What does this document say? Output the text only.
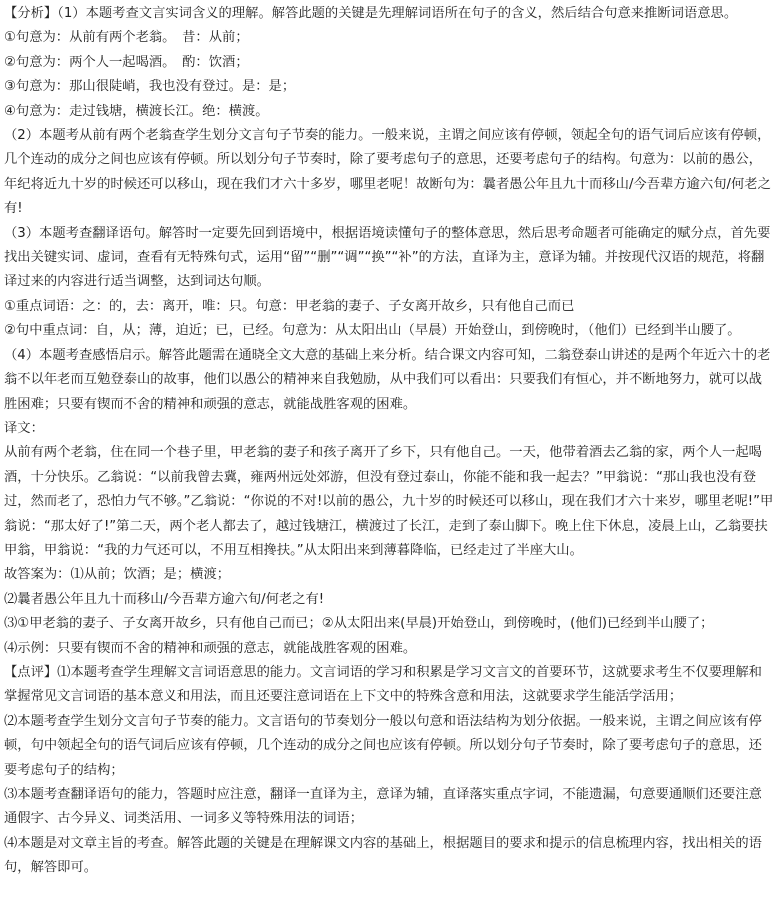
【分析】（1）本题考查文言实词含义的理解。解答此题的关键是先理解词语所在句子的含义，然后结合句意来推断词语意思。

①句意为：从前有两个老翁。　昔：从前；

②句意为：两个人一起喝酒。　酌：饮酒；

③句意为：那山很陡峭，我也没有登过。是：是；

④句意为：走过钱塘，横渡长江。绝：横渡。

（2）本题考从前有两个老翁查学生划分文言句子节奏的能力。一般来说，主谓之间应该有停顿，领起全句的语气词后应该有停顿，几个连动的成分之间也应该有停顿。所以划分句子节奏时，除了要考虑句子的意思，还要考虑句子的结构。句意为：以前的愚公，年纪将近九十岁的时候还可以移山，现在我们才六十多岁，哪里老呢！故断句为：曩者愚公年且九十而移山/今吾辈方逾六旬/何老之有!

（3）本题考查翻译语句。解答时一定要先回到语境中，根据语境读懂句子的整体意思，然后思考命题者可能确定的赋分点，首先要找出关键实词、虚词，查看有无特殊句式，运用“留”“删”“调”“换”“补”的方法，直译为主，意译为辅。并按现代汉语的规范，将翻译过来的内容进行适当调整，达到词达句顺。

①重点词语：之：的，去：离开，唯：只。句意：甲老翁的妻子、子女离开故乡，只有他自己而已

②句中重点词：自，从；薄，迫近；已，已经。句意为：从太阳出山（早晨）开始登山，到傍晚时，（他们）已经到半山腰了。

（4）本题考查感悟启示。解答此题需在通晓全文大意的基础上来分析。结合课文内容可知，二翁登泰山讲述的是两个年近六十的老翁不以年老而互勉登泰山的故事，他们以愚公的精神来自我勉励，从中我们可以看出：只要我们有恒心，并不断地努力，就可以战胜困难；只要有锲而不舍的精神和顽强的意志，就能战胜客观的困难。

译文：

从前有两个老翁，住在同一个巷子里，甲老翁的妻子和孩子离开了乡下，只有他自己。一天，他带着酒去乙翁的家，两个人一起喝酒，十分快乐。乙翁说：“以前我曾去冀，雍两州远处郊游，但没有登过泰山，你能不能和我一起去？”甲翁说：“那山我也没有登过，然而老了，恐怕力气不够。”乙翁说：“你说的不对!以前的愚公，九十岁的时候还可以移山，现在我们才六十来岁，哪里老呢!”甲翁说：“那太好了!”第二天，两个老人都去了，越过钱塘江，横渡过了长江，走到了泰山脚下。晚上住下休息，凌晨上山，乙翁要扶甲翁，甲翁说：“我的力气还可以，不用互相搀扶。”从太阳出来到薄暮降临，已经走过了半座大山。

故答案为：⑴从前；饮酒；是；横渡；

⑵曩者愚公年且九十而移山/今吾辈方逾六旬/何老之有!

⑶①甲老翁的妻子、子女离开故乡，只有他自己而已；②从太阳出来(早晨)开始登山，到傍晚时，(他们)已经到半山腰了；

⑷示例：只要有锲而不舍的精神和顽强的意志，就能战胜客观的困难。

【点评】⑴本题考查学生理解文言词语意思的能力。文言词语的学习和积累是学习文言文的首要环节，这就要求考生不仅要理解和掌握常见文言词语的基本意义和用法，而且还要注意词语在上下文中的特殊含意和用法，这就要求学生能活学活用；

⑵本题考查学生划分文言句子节奏的能力。文言语句的节奏划分一般以句意和语法结构为划分依据。一般来说，主谓之间应该有停顿，句中领起全句的语气词后应该有停顿，几个连动的成分之间也应该有停顿。所以划分句子节奏时，除了要考虑句子的意思，还要考虑句子的结构；

⑶本题考查翻译语句的能力，答题时应注意，翻译一直译为主，意译为辅，直译落实重点字词，不能遗漏，句意要通顺们还要注意通假字、古今异义、词类活用、一词多义等特殊用法的词语；

⑷本题是对文章主旨的考查。解答此题的关键是在理解课文内容的基础上，根据题目的要求和提示的信息梳理内容，找出相关的语句，解答即可。
